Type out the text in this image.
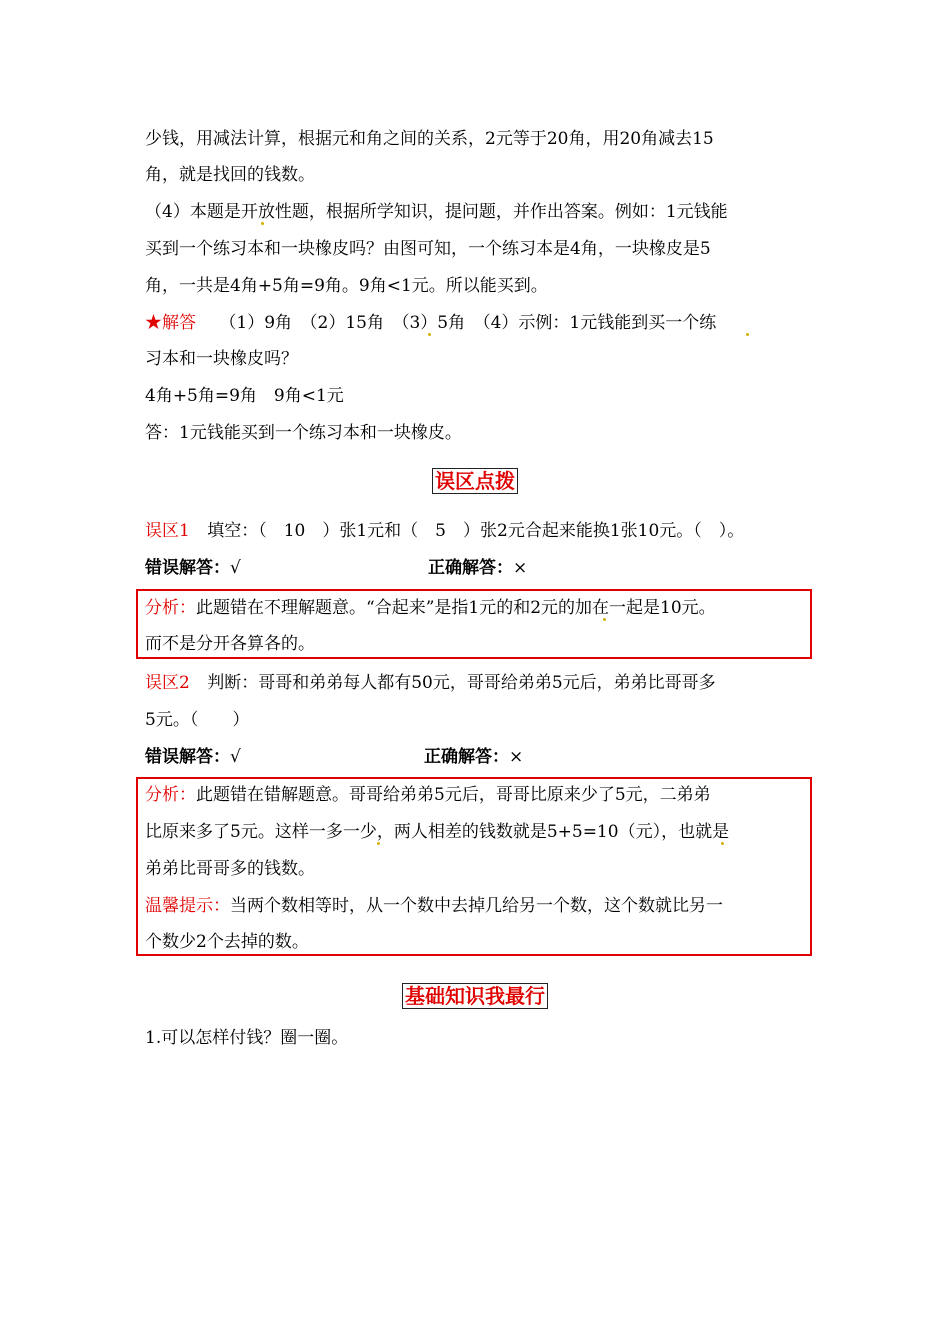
少钱，用减法计算，根据元和角之间的关系，2元等于20角，用20角减去15
角，就是找回的钱数。
（4）本题是开放性题，根据所学知识，提问题，并作出答案。例如：1元钱能
买到一个练习本和一块橡皮吗？由图可知，一个练习本是4角，一块橡皮是5
角，一共是4角+5角=9角。9角<1元。所以能买到。
★解答 （1）9角　（2）15角　（3）5角　（4）示例：1元钱能到买一个练
习本和一块橡皮吗？
4角+5角=9角　9角<1元
答：1元钱能买到一个练习本和一块橡皮。
误区点拨
误区1 填空：（　10　）张1元和（　5　）张2元合起来能换1张10元。（　）。
错误解答：√	正确解答：×
分析：此题错在不理解题意。“合起来”是指1元的和2元的加在一起是10元。
而不是分开各算各的。
误区2 判断：哥哥和弟弟每人都有50元，哥哥给弟弟5元后，弟弟比哥哥多
5元。（　　）
错误解答：√	正确解答：×
分析：此题错在错解题意。哥哥给弟弟5元后，哥哥比原来少了5元，二弟弟
比原来多了5元。这样一多一少，两人相差的钱数就是5+5=10（元），也就是
弟弟比哥哥多的钱数。
温馨提示：当两个数相等时，从一个数中去掉几给另一个数，这个数就比另一
个数少2个去掉的数。
基础知识我最行
1.可以怎样付钱？圈一圈。
